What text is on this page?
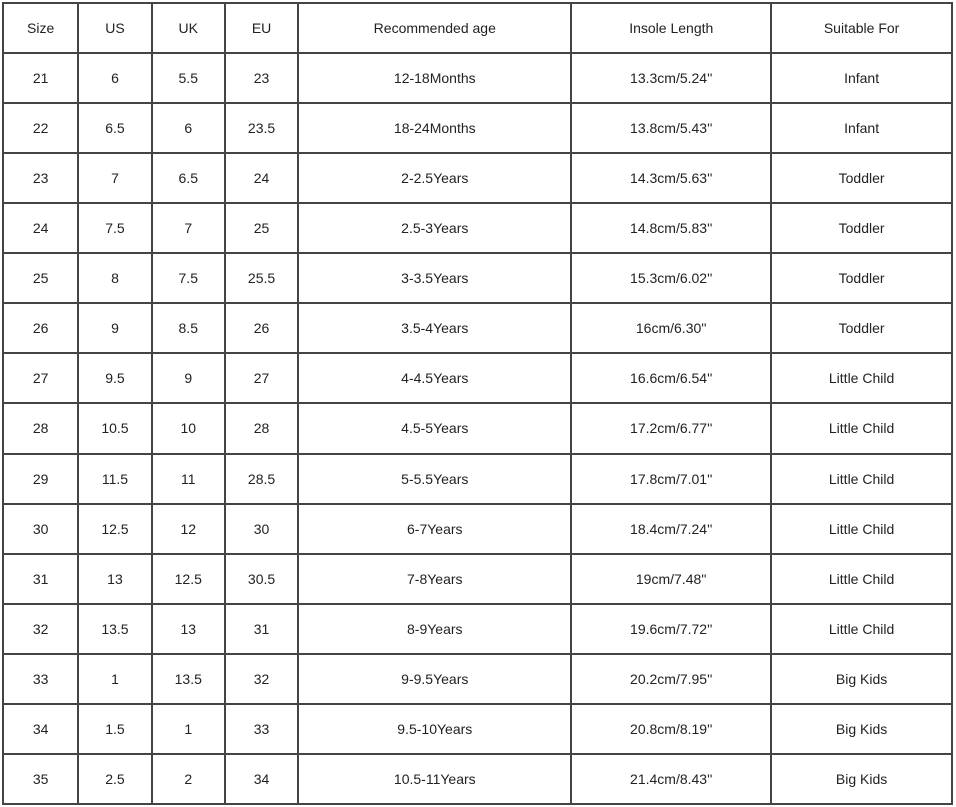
Size	US	UK	EU	Recommended age	Insole Length	Suitable For
21	6	5.5	23	12-18Months	13.3cm/5.24''	Infant
22	6.5	6	23.5	18-24Months	13.8cm/5.43''	Infant
23	7	6.5	24	2-2.5Years	14.3cm/5.63''	Toddler
24	7.5	7	25	2.5-3Years	14.8cm/5.83''	Toddler
25	8	7.5	25.5	3-3.5Years	15.3cm/6.02''	Toddler
26	9	8.5	26	3.5-4Years	16cm/6.30''	Toddler
27	9.5	9	27	4-4.5Years	16.6cm/6.54''	Little Child
28	10.5	10	28	4.5-5Years	17.2cm/6.77''	Little Child
29	11.5	11	28.5	5-5.5Years	17.8cm/7.01''	Little Child
30	12.5	12	30	6-7Years	18.4cm/7.24''	Little Child
31	13	12.5	30.5	7-8Years	19cm/7.48''	Little Child
32	13.5	13	31	8-9Years	19.6cm/7.72''	Little Child
33	1	13.5	32	9-9.5Years	20.2cm/7.95''	Big Kids
34	1.5	1	33	9.5-10Years	20.8cm/8.19''	Big Kids
35	2.5	2	34	10.5-11Years	21.4cm/8.43''	Big Kids
